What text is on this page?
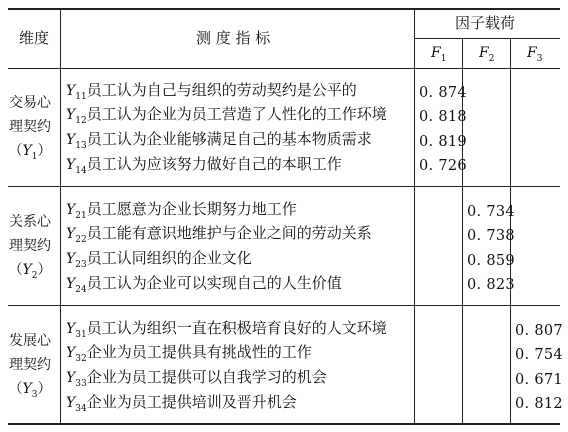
维度	测 度 指 标
因子载荷
$F_1$ $F_2$ $F_3$
交易心
理契约
$(Y_1)$
$Y_{11}$员工认为自己与组织的劳动契约是公平的
$Y_{12}$员工认为企业为员工营造了人性化的工作环境
$Y_{13}$员工认为企业能够满足自己的基本物质需求
$Y_{14}$员工认为应该努力做好自己的本职工作
0. 874
0. 818
0. 819
0. 726
关系心
理契约
$(Y_2)$
$Y_{21}$员工愿意为企业长期努力地工作
$Y_{22}$员工能有意识地维护与企业之间的劳动关系
$Y_{23}$员工认同组织的企业文化
$Y_{24}$员工认为企业可以实现自己的人生价值
0. 734
0. 738
0. 859
0. 823
发展心
理契约
$(Y_3)$
$Y_{31}$员工认为组织一直在积极培育良好的人文环境
$Y_{32}$企业为员工提供具有挑战性的工作
$Y_{33}$企业为员工提供可以自我学习的机会
$Y_{34}$企业为员工提供培训及晋升机会
0. 807
0. 754
0. 671
0. 812
